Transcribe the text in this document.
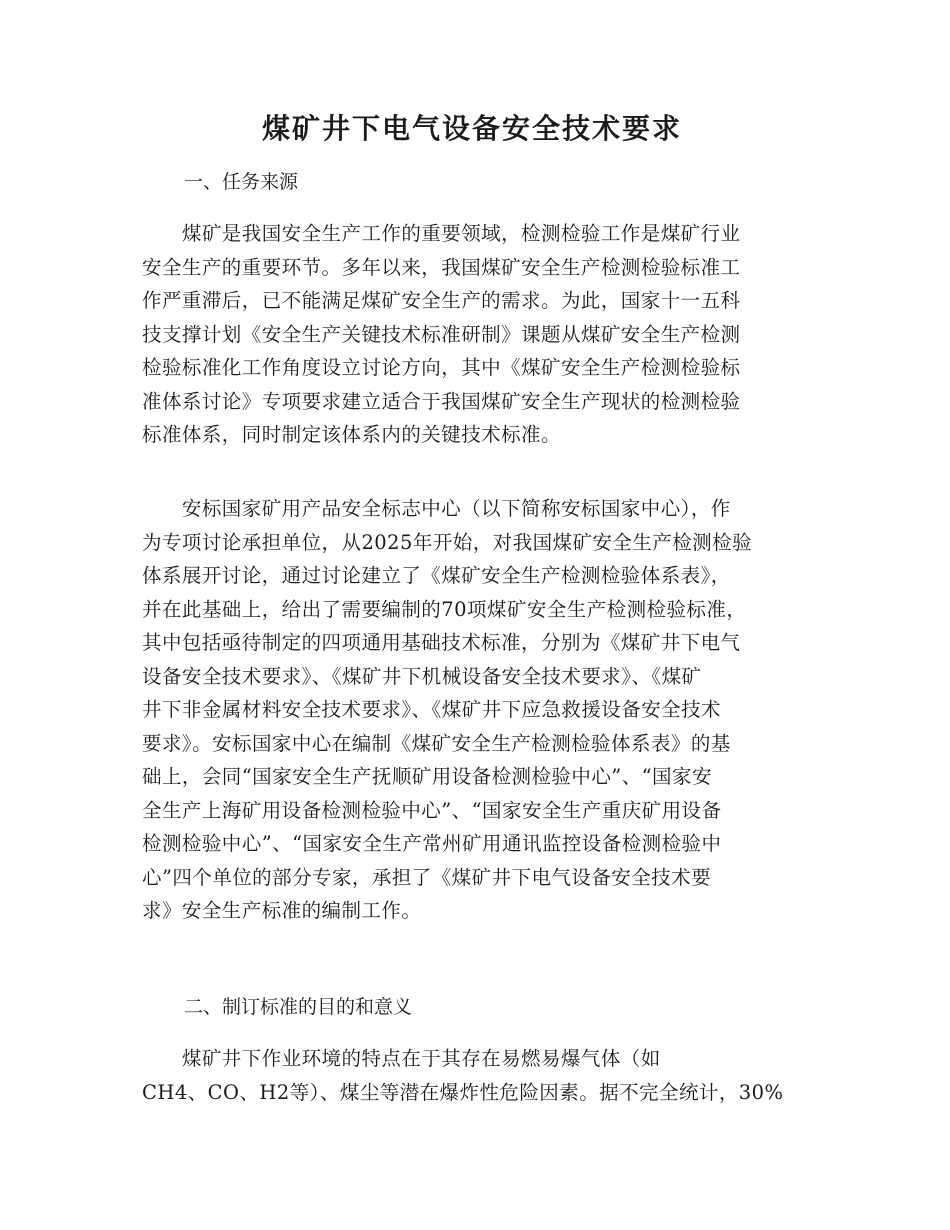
煤矿井下电气设备安全技术要求
一、任务来源
　　煤矿是我国安全生产工作的重要领域，检测检验工作是煤矿行业
安全生产的重要环节。多年以来，我国煤矿安全生产检测检验标准工
作严重滞后，已不能满足煤矿安全生产的需求。为此，国家十一五科
技支撑计划《安全生产关键技术标准研制》课题从煤矿安全生产检测
检验标准化工作角度设立讨论方向，其中《煤矿安全生产检测检验标
准体系讨论》专项要求建立适合于我国煤矿安全生产现状的检测检验
标准体系，同时制定该体系内的关键技术标准。
　　安标国家矿用产品安全标志中心（以下简称安标国家中心），作
为专项讨论承担单位，从2025年开始，对我国煤矿安全生产检测检验
体系展开讨论，通过讨论建立了《煤矿安全生产检测检验体系表》，
并在此基础上，给出了需要编制的70项煤矿安全生产检测检验标准，
其中包括亟待制定的四项通用基础技术标准，分别为《煤矿井下电气
设备安全技术要求》、《煤矿井下机械设备安全技术要求》、《煤矿
井下非金属材料安全技术要求》、《煤矿井下应急救援设备安全技术
要求》。安标国家中心在编制《煤矿安全生产检测检验体系表》的基
础上，会同“国家安全生产抚顺矿用设备检测检验中心”、“国家安
全生产上海矿用设备检测检验中心”、“国家安全生产重庆矿用设备
检测检验中心”、“国家安全生产常州矿用通讯监控设备检测检验中
心”四个单位的部分专家，承担了《煤矿井下电气设备安全技术要
求》安全生产标准的编制工作。
二、制订标准的目的和意义
　　煤矿井下作业环境的特点在于其存在易燃易爆气体（如
CH4、CO、H2等）、煤尘等潜在爆炸性危险因素。据不完全统计，30%
